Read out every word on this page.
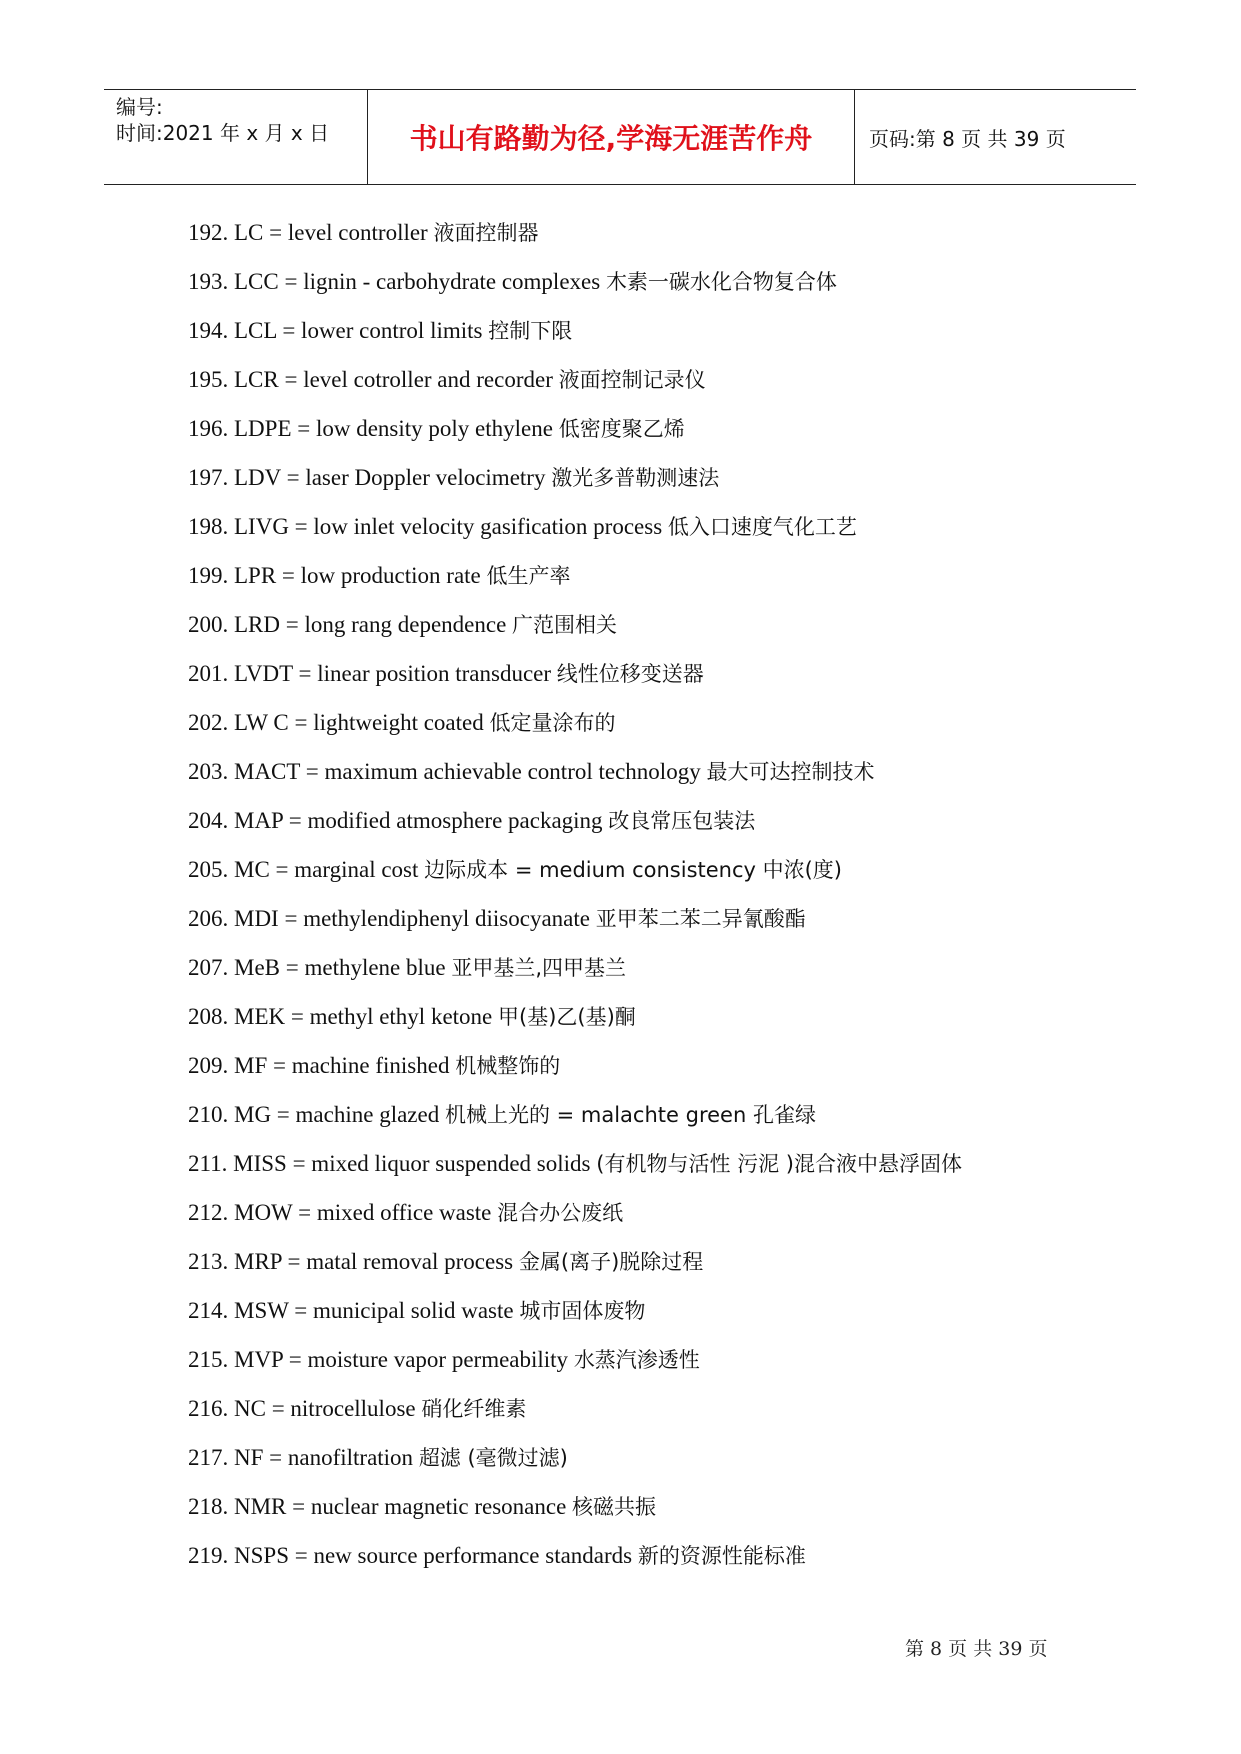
编号:
时间:2021 年 x 月 x 日	书山有路勤为径,学海无涯苦作舟	页码:第 8 页 共 39 页
192. LC = level controller 液面控制器
193. LCC = lignin - carbohydrate complexes 木素一碳水化合物复合体
194. LCL = lower control limits 控制下限
195. LCR = level cotroller and recorder 液面控制记录仪
196. LDPE = low density poly ethylene 低密度聚乙烯
197. LDV = laser Doppler velocimetry 激光多普勒测速法
198. LIVG = low inlet velocity gasification process 低入口速度气化工艺
199. LPR = low production rate 低生产率
200. LRD = long rang dependence 广范围相关
201. LVDT = linear position transducer 线性位移变送器
202. LW C = lightweight coated 低定量涂布的
203. MACT = maximum achievable control technology 最大可达控制技术
204. MAP = modified atmosphere packaging 改良常压包装法
205. MC = marginal cost 边际成本 = medium consistency 中浓(度)
206. MDI = methylendiphenyl diisocyanate 亚甲苯二苯二异氰酸酯
207. MeB = methylene blue 亚甲基兰,四甲基兰
208. MEK = methyl ethyl ketone 甲(基)乙(基)酮
209. MF = machine finished 机械整饰的
210. MG = machine glazed 机械上光的 = malachte green 孔雀绿
211. MISS = mixed liquor suspended solids (有机物与活性 污泥 )混合液中悬浮固体
212. MOW = mixed office waste 混合办公废纸
213. MRP = matal removal process 金属(离子)脱除过程
214. MSW = municipal solid waste 城市固体废物
215. MVP = moisture vapor permeability 水蒸汽渗透性
216. NC = nitrocellulose 硝化纤维素
217. NF = nanofiltration 超滤 (毫微过滤)
218. NMR = nuclear magnetic resonance 核磁共振
219. NSPS = new source performance standards 新的资源性能标准
第 8 页 共 39 页
